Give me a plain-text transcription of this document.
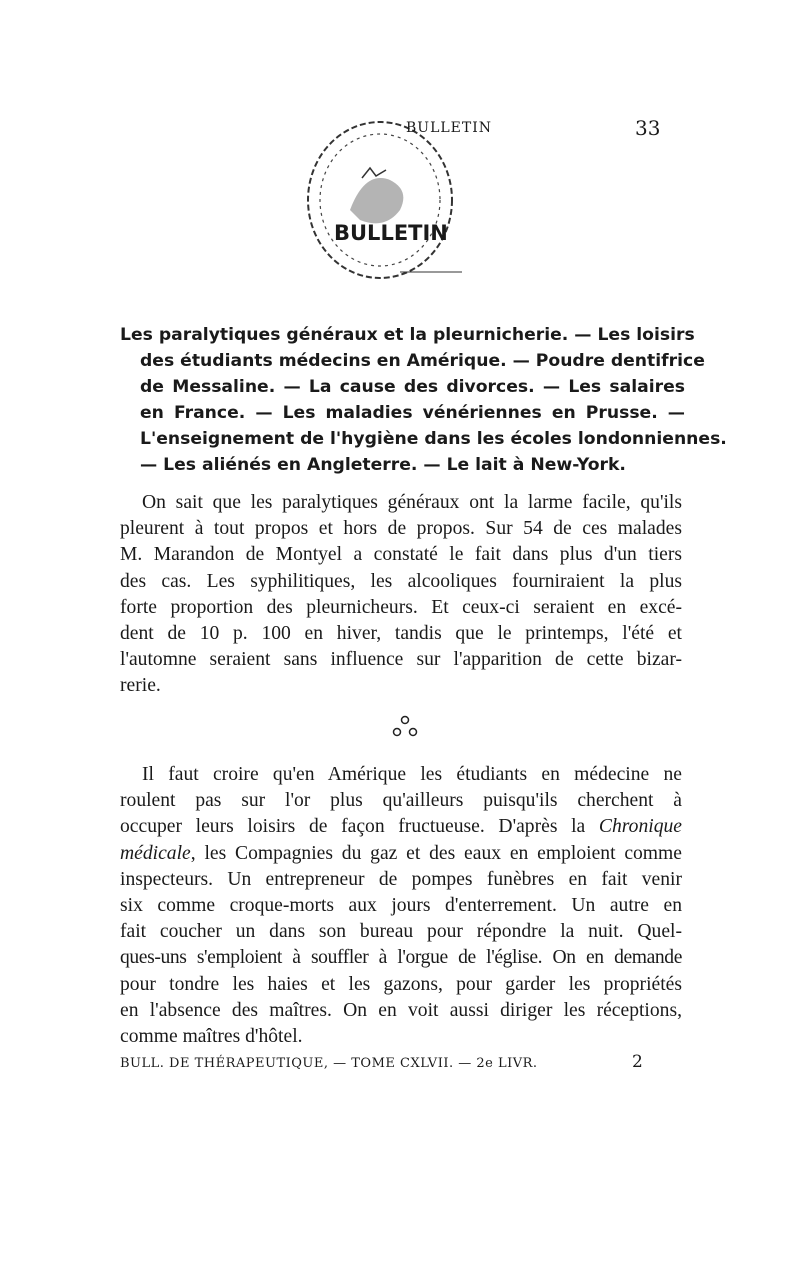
BULLETIN
BULLETIN	33
Les paralytiques généraux et la pleurnicherie. — Les loisirs
des étudiants médecins en Amérique. — Poudre dentifrice
de Messaline. — La cause des divorces. — Les salaires
en France. — Les maladies vénériennes en Prusse. —
L'enseignement de l'hygiène dans les écoles londonniennes.
— Les aliénés en Angleterre. — Le lait à New-York.
On sait que les paralytiques généraux ont la larme facile, qu'ils
pleurent à tout propos et hors de propos. Sur 54 de ces malades
M. Marandon de Montyel a constaté le fait dans plus d'un tiers
des cas. Les syphilitiques, les alcooliques fourniraient la plus
forte proportion des pleurnicheurs. Et ceux-ci seraient en excé-
dent de 10 p. 100 en hiver, tandis que le printemps, l'été et
l'automne seraient sans influence sur l'apparition de cette bizar-
rerie.
Il faut croire qu'en Amérique les étudiants en médecine ne
roulent pas sur l'or plus qu'ailleurs puisqu'ils cherchent à
occuper leurs loisirs de façon fructueuse. D'après la Chronique
médicale, les Compagnies du gaz et des eaux en emploient comme
inspecteurs. Un entrepreneur de pompes funèbres en fait venir
six comme croque-morts aux jours d'enterrement. Un autre en
fait coucher un dans son bureau pour répondre la nuit. Quel-
ques-uns s'emploient à souffler à l'orgue de l'église. On en demande
pour tondre les haies et les gazons, pour garder les propriétés
en l'absence des maîtres. On en voit aussi diriger les réceptions,
comme maîtres d'hôtel.
BULL. DE THÉRAPEUTIQUE, — TOME CXLVII. — 2e LIVR.	2
